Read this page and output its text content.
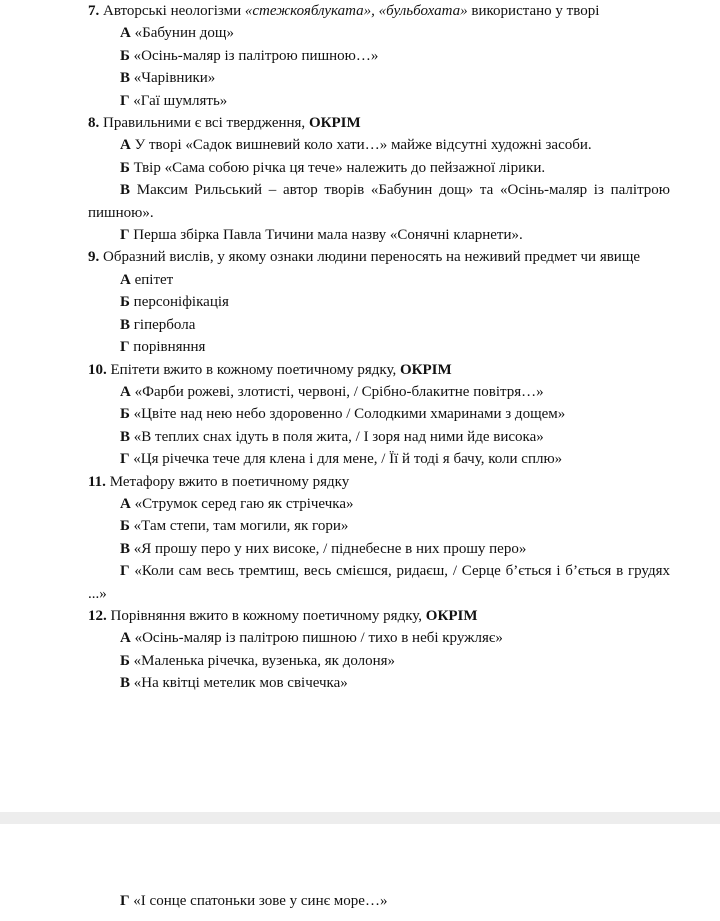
7. Авторські неологізми «стежкояблуката», «бульбохата» використано у творі

А «Бабунин дощ»

Б «Осінь-маляр із палітрою пишною…»

В «Чарівники»

Г «Гаї шумлять»

8. Правильними є всі твердження, ОКРІМ

А У творі «Садок вишневий коло хати…» майже відсутні художні засоби.

Б Твір «Сама собою річка ця тече» належить до пейзажної лірики.

В Максим Рильський – автор творів «Бабунин дощ» та «Осінь-маляр із палітрою пишною».

Г Перша збірка Павла Тичини мала назву «Сонячні кларнети».

9. Образний вислів, у якому ознаки людини переносять на неживий предмет чи явище

А епітет

Б персоніфікація

В гіпербола

Г порівняння

10. Епітети вжито в кожному поетичному рядку, ОКРІМ

А «Фарби рожеві, злотисті, червоні, / Срібно-блакитне повітря…»

Б «Цвіте над нею небо здоровенно / Солодкими хмаринами з дощем»

В «В теплих снах ідуть в поля жита, / І зоря над ними йде висока»

Г «Ця річечка тече для клена і для мене, / Її й тоді я бачу, коли сплю»

11. Метафору вжито в поетичному рядку

А «Струмок серед гаю як стрічечка»

Б «Там степи, там могили, як гори»

В «Я прошу перо у них високе, / піднебесне в них прошу перо»

Г «Коли сам весь тремтиш, весь смієшся, ридаєш, / Серце б’ється і б’ється в грудях ...»

12. Порівняння вжито в кожному поетичному рядку, ОКРІМ

А «Осінь-маляр із палітрою пишною / тихо в небі кружляє»

Б «Маленька річечка, вузенька, як долоня»

В «На квітці метелик мов свічечка»

Г «І сонце спатоньки зове у синє море…»
